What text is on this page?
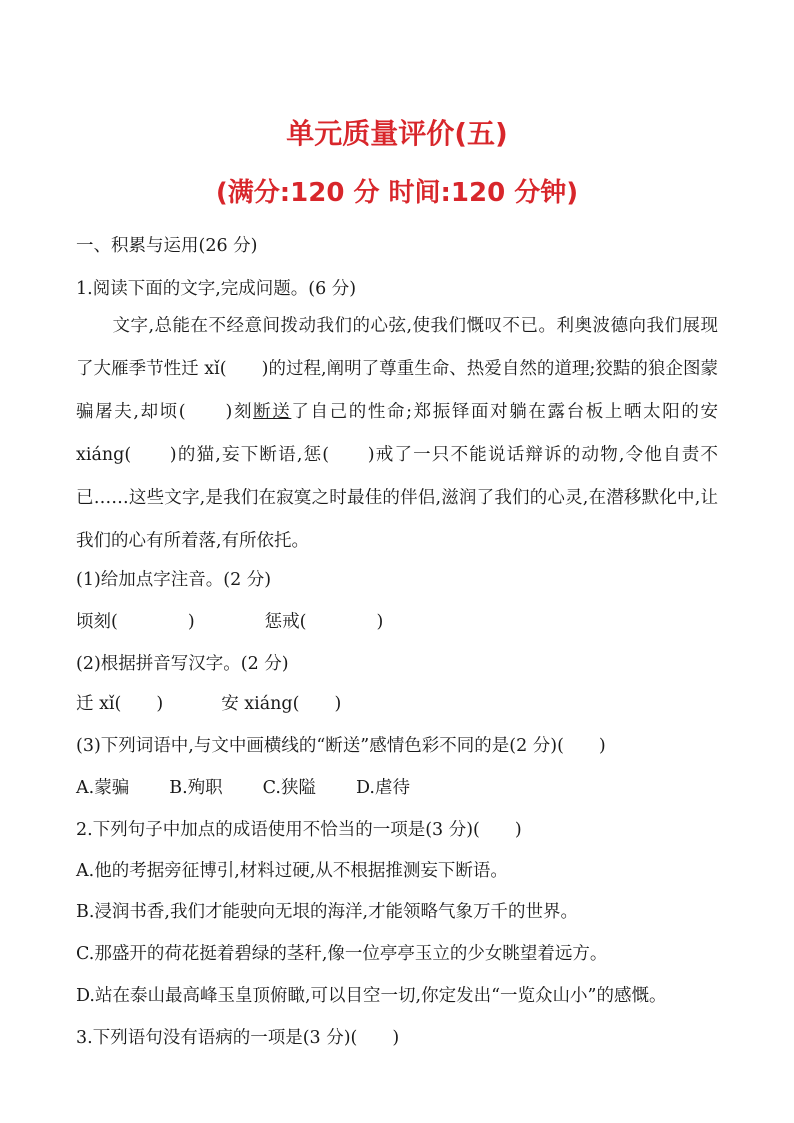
单元质量评价(五)
(满分:120 分 时间:120 分钟)
一、积累与运用(26 分)
1.阅读下面的文字,完成问题。(6 分)
文字,总能在不经意间拨动我们的心弦,使我们慨叹不已。利奥波德向我们展现了大雁季节性迁 xǐ(　　)的过程,阐明了尊重生命、热爱自然的道理;狡黠的狼企图蒙骗屠夫,却顷(　　)刻断送了自己的性命;郑振铎面对躺在露台板上晒太阳的安 xiáng(　　)的猫,妄下断语,惩(　　)戒了一只不能说话辩诉的动物,令他自责不已……这些文字,是我们在寂寞之时最佳的伴侣,滋润了我们的心灵,在潜移默化中,让我们的心有所着落,有所依托。
(1)给加点字注音。(2 分)
顷刻(　　　　)	惩戒(　　　　)
(2)根据拼音写汉字。(2 分)
迁 xǐ(　　)	安 xiáng(　　)
(3)下列词语中,与文中画横线的“断送”感情色彩不同的是(2 分)(　　)
A.蒙骗 B.殉职 C.狭隘 D.虐待
2.下列句子中加点的成语使用不恰当的一项是(3 分)(　　)
A.他的考据旁征博引,材料过硬,从不根据推测妄下断语。
B.浸润书香,我们才能驶向无垠的海洋,才能领略气象万千的世界。
C.那盛开的荷花挺着碧绿的茎秆,像一位亭亭玉立的少女眺望着远方。
D.站在泰山最高峰玉皇顶俯瞰,可以目空一切,你定发出“一览众山小”的感慨。
3.下列语句没有语病的一项是(3 分)(　　)
